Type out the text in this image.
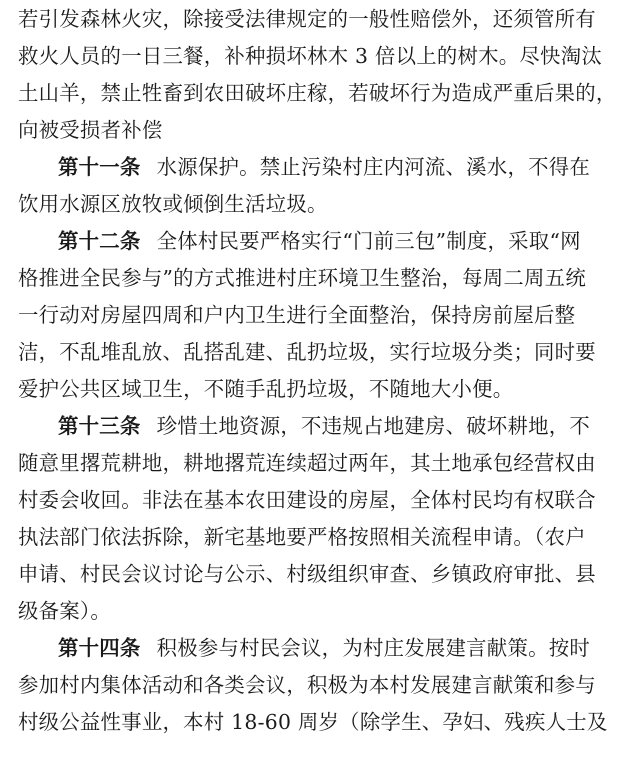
若引发森林火灾，除接受法律规定的一般性赔偿外，还须管所有
救火人员的一日三餐，补种损坏林木 3 倍以上的树木。尽快淘汰
土山羊，禁止牲畜到农田破坏庄稼，若破坏行为造成严重后果的，
向被受损者补偿
第十一条 水源保护。禁止污染村庄内河流、溪水，不得在
饮用水源区放牧或倾倒生活垃圾。
第十二条 全体村民要严格实行“门前三包”制度，采取“网
格推进全民参与”的方式推进村庄环境卫生整治，每周二周五统
一行动对房屋四周和户内卫生进行全面整治，保持房前屋后整
洁，不乱堆乱放、乱搭乱建、乱扔垃圾，实行垃圾分类；同时要
爱护公共区域卫生，不随手乱扔垃圾，不随地大小便。
第十三条 珍惜土地资源，不违规占地建房、破坏耕地，不
随意里撂荒耕地，耕地撂荒连续超过两年，其土地承包经营权由
村委会收回。非法在基本农田建设的房屋，全体村民均有权联合
执法部门依法拆除，新宅基地要严格按照相关流程申请。（农户
申请、村民会议讨论与公示、村级组织审查、乡镇政府审批、县
级备案）。
第十四条 积极参与村民会议，为村庄发展建言献策。按时
参加村内集体活动和各类会议，积极为本村发展建言献策和参与
村级公益性事业，本村 18-60 周岁（除学生、孕妇、残疾人士及
